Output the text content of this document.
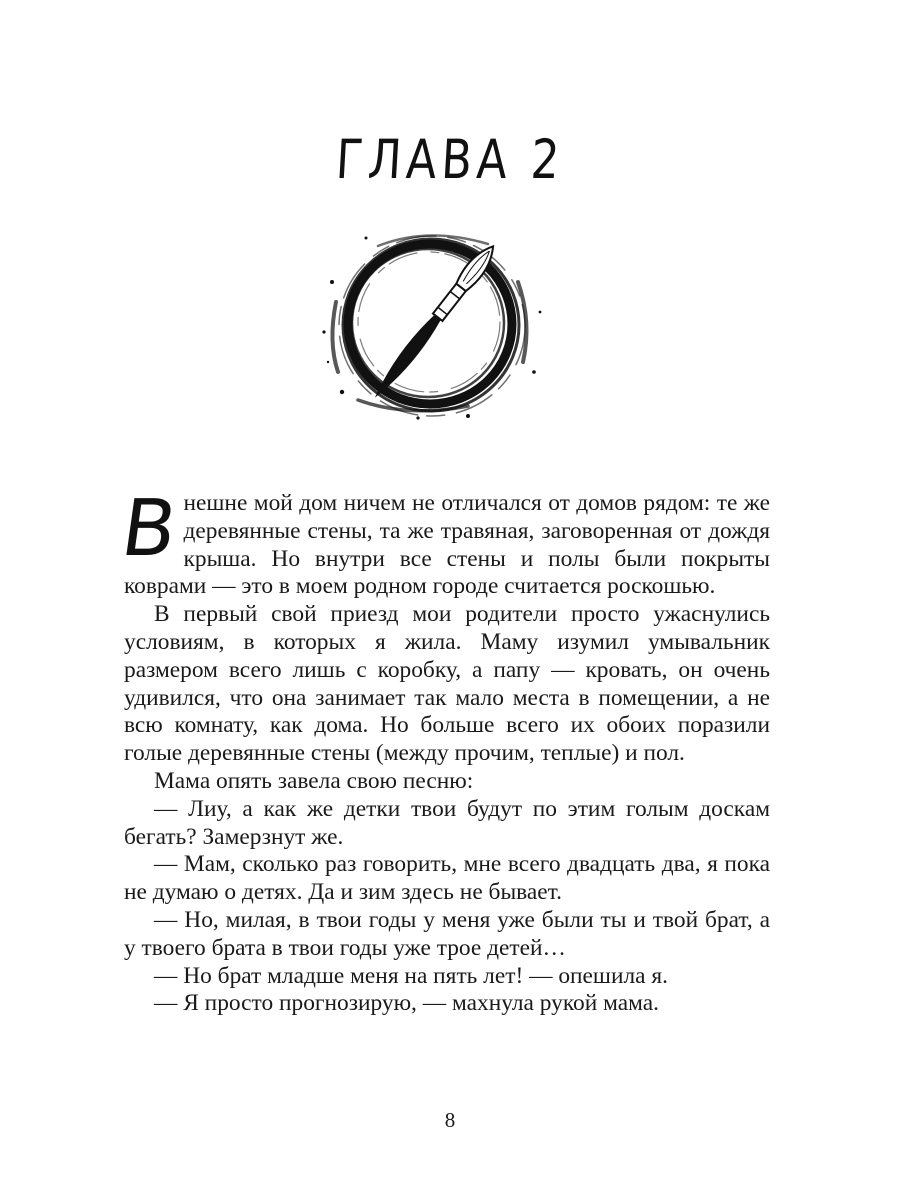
ГЛАВА 2

Внешне мой дом ничем не отличался от домов рядом: те же деревянные стены, та же травяная, заговоренная от дождя крыша. Но внутри все стены и полы были покрыты коврами — это в моем родном городе считается роскошью.

В первый свой приезд мои родители просто ужаснулись условиям, в которых я жила. Маму изумил умывальник размером всего лишь с коробку, а папу — кровать, он очень удивился, что она занимает так мало места в помещении, а не всю комнату, как дома. Но больше всего их обоих поразили голые деревянные стены (между прочим, теплые) и пол.

Мама опять завела свою песню:

— Лиу, а как же детки твои будут по этим голым доскам бегать? Замерзнут же.

— Мам, сколько раз говорить, мне всего двадцать два, я пока не думаю о детях. Да и зим здесь не бывает.

— Но, милая, в твои годы у меня уже были ты и твой брат, а у твоего брата в твои годы уже трое детей…

— Но брат младше меня на пять лет! — опешила я.

— Я просто прогнозирую, — махнула рукой мама.

8
